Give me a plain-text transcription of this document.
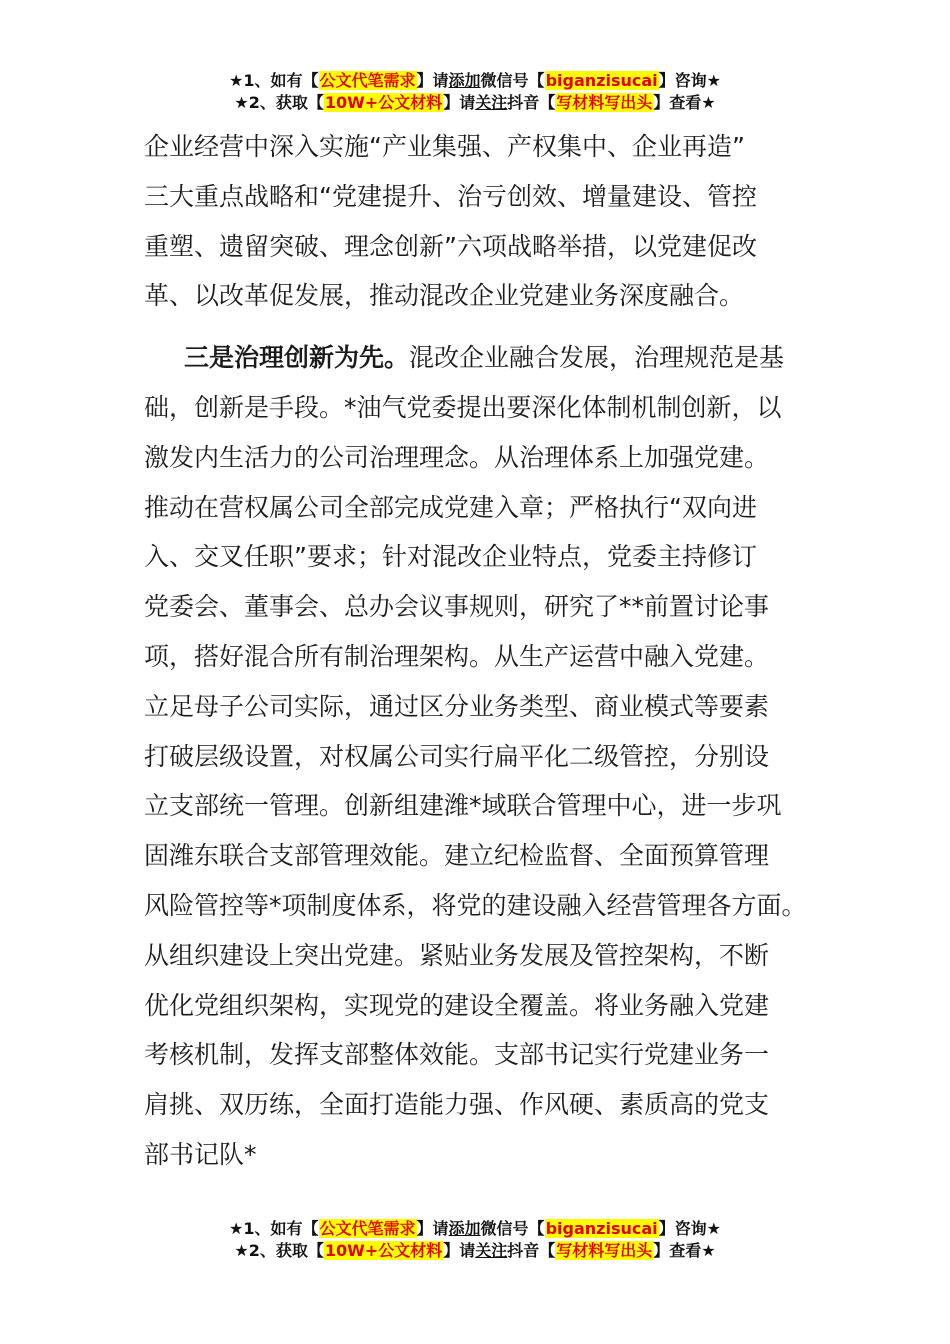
★1、如有【公文代笔需求】请添加微信号【biganzisucai】咨询★
★2、获取【10W+公文材料】请关注抖音【写材料写出头】查看★
企业经营中深入实施“产业集强、产权集中、企业再造”
三大重点战略和“党建提升、治亏创效、增量建设、管控
重塑、遗留突破、理念创新”六项战略举措，以党建促改
革、以改革促发展，推动混改企业党建业务深度融合。
三是治理创新为先。混改企业融合发展，治理规范是基
础，创新是手段。*油气党委提出要深化体制机制创新，以
激发内生活力的公司治理理念。从治理体系上加强党建。
推动在营权属公司全部完成党建入章；严格执行“双向进
入、交叉任职”要求；针对混改企业特点，党委主持修订
党委会、董事会、总办会议事规则，研究了**前置讨论事
项，搭好混合所有制治理架构。从生产运营中融入党建。
立足母子公司实际，通过区分业务类型、商业模式等要素
打破层级设置，对权属公司实行扁平化二级管控，分别设
立支部统一管理。创新组建潍*域联合管理中心，进一步巩
固潍东联合支部管理效能。建立纪检监督、全面预算管理
风险管控等*项制度体系，将党的建设融入经营管理各方面。
从组织建设上突出党建。紧贴业务发展及管控架构，不断
优化党组织架构，实现党的建设全覆盖。将业务融入党建
考核机制，发挥支部整体效能。支部书记实行党建业务一
肩挑、双历练，全面打造能力强、作风硬、素质高的党支
部书记队*
★1、如有【公文代笔需求】请添加微信号【biganzisucai】咨询★
★2、获取【10W+公文材料】请关注抖音【写材料写出头】查看★
